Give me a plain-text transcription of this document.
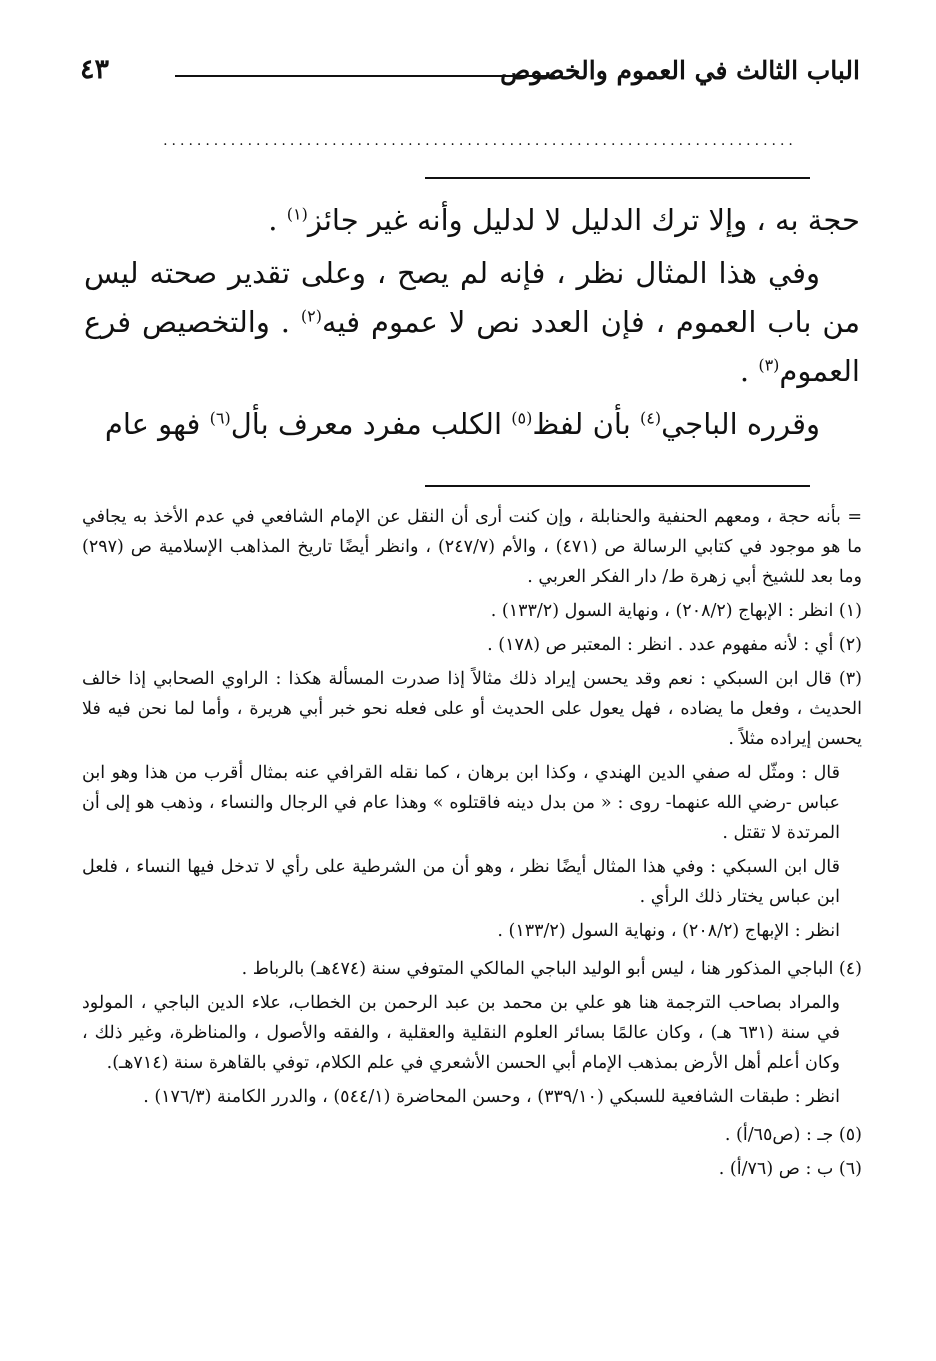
الباب الثالث في العموم والخصوص
٤٣
...........................................................................

حجة به ، وإلا ترك الدليل لا لدليل وأنه غير جائز$^{(١)}$ .

وفي هذا المثال نظر ، فإنه لم يصح ، وعلى تقدير صحته ليس من باب العموم ، فإن العدد نص لا عموم فيه$^{(٢)}$ . والتخصيص فرع العموم$^{(٣)}$ .

وقرره الباجي$^{(٤)}$ بأن لفظ$^{(٥)}$ الكلب مفرد معرف بأل$^{(٦)}$ فهو عام

= بأنه حجة ، ومعهم الحنفية والحنابلة ، وإن كنت أرى أن النقل عن الإمام الشافعي في عدم الأخذ به يجافي ما هو موجود في كتابي الرسالة ص (٤٧١) ، والأم (٢٤٧/٧) ، وانظر أيضًا تاريخ المذاهب الإسلامية ص (٢٩٧) وما بعد للشيخ أبي زهرة ط/ دار الفكر العربي .

(١) انظر : الإبهاج (٢٠٨/٢) ، ونهاية السول (١٣٣/٢) .

(٢) أي : لأنه مفهوم عدد . انظر : المعتبر ص (١٧٨) .

(٣) قال ابن السبكي : نعم وقد يحسن إيراد ذلك مثالاً إذا صدرت المسألة هكذا : الراوي الصحابي إذا خالف الحديث ، وفعل ما يضاده ، فهل يعول على الحديث أو على فعله نحو خبر أبي هريرة ، وأما لما نحن فيه فلا يحسن إيراده مثلاً .

قال : ومثّل له صفي الدين الهندي ، وكذا ابن برهان ، كما نقله القرافي عنه بمثال أقرب من هذا وهو ابن عباس -رضي الله عنهما- روى : « من بدل دينه فاقتلوه » وهذا عام في الرجال والنساء ، وذهب هو إلى أن المرتدة لا تقتل .

قال ابن السبكي : وفي هذا المثال أيضًا نظر ، وهو أن من الشرطية على رأي لا تدخل فيها النساء ، فلعل ابن عباس يختار ذلك الرأي .

انظر : الإبهاج (٢٠٨/٢) ، ونهاية السول (١٣٣/٢) .

(٤) الباجي المذكور هنا ، ليس أبو الوليد الباجي المالكي المتوفي سنة (٤٧٤هـ) بالرباط .

والمراد بصاحب الترجمة هنا هو علي بن محمد بن عبد الرحمن بن الخطاب، علاء الدين الباجي ، المولود في سنة (٦٣١ هـ) ، وكان عالمًا بسائر العلوم النقلية والعقلية ، والفقه والأصول ، والمناظرة، وغير ذلك ، وكان أعلم أهل الأرض بمذهب الإمام أبي الحسن الأشعري في علم الكلام، توفي بالقاهرة سنة (٧١٤هـ).

انظر : طبقات الشافعية للسبكي (٣٣٩/١٠) ، وحسن المحاضرة (٥٤٤/١) ، والدرر الكامنة (١٧٦/٣) .

(٥) جـ : (ص٦٥/أ) .

(٦) ب : ص (٧٦/أ) .
